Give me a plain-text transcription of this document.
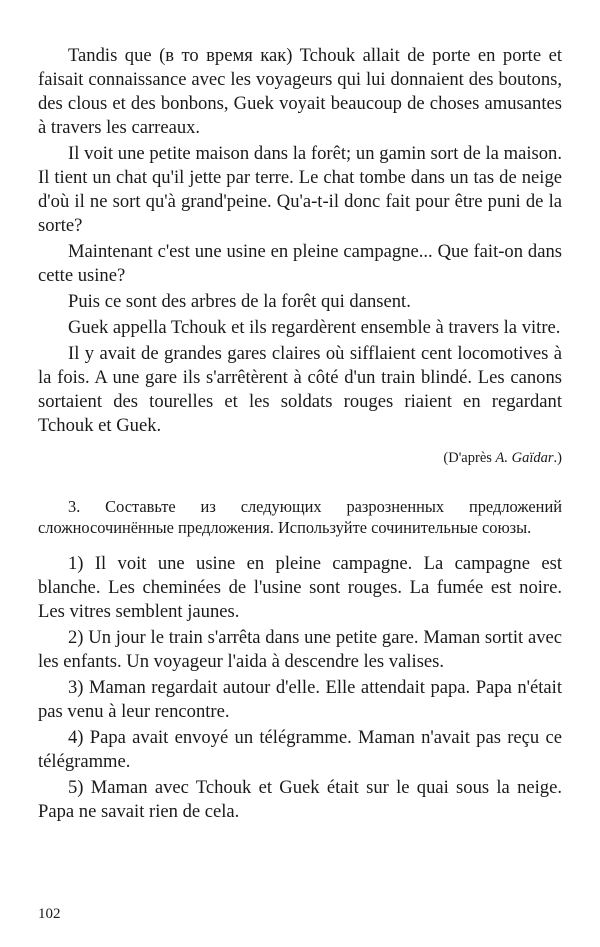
Tandis que (в то время как) Tchouk allait de porte en porte et faisait connaissance avec les voyageurs qui lui donnaient des boutons, des clous et des bonbons, Guek voyait beaucoup de choses amusantes à travers les carreaux.

Il voit une petite maison dans la forêt; un gamin sort de la maison. Il tient un chat qu'il jette par terre. Le chat tombe dans un tas de neige d'où il ne sort qu'à grand'peine. Qu'a-t-il donc fait pour être puni de la sorte?

Maintenant c'est une usine en pleine campagne... Que fait-on dans cette usine?

Puis ce sont des arbres de la forêt qui dansent.

Guek appella Tchouk et ils regardèrent ensemble à travers la vitre.

Il y avait de grandes gares claires où sifflaient cent locomotives à la fois. A une gare ils s'arrêtèrent à côté d'un train blindé. Les canons sortaient des tourelles et les soldats rouges riaient en regardant Tchouk et Guek.

(D'après A. Gaïdar.)

3. Составьте из следующих разрозненных предложений сложносочинённые предложения. Используйте сочинительные союзы.

1) Il voit une usine en pleine campagne. La campagne est blanche. Les cheminées de l'usine sont rouges. La fumée est noire. Les vitres semblent jaunes.

2) Un jour le train s'arrêta dans une petite gare. Maman sortit avec les enfants. Un voyageur l'aida à descendre les valises.

3) Maman regardait autour d'elle. Elle attendait papa. Papa n'était pas venu à leur rencontre.

4) Papa avait envoyé un télégramme. Maman n'avait pas reçu ce télégramme.

5) Maman avec Tchouk et Guek était sur le quai sous la neige. Papa ne savait rien de cela.

102
